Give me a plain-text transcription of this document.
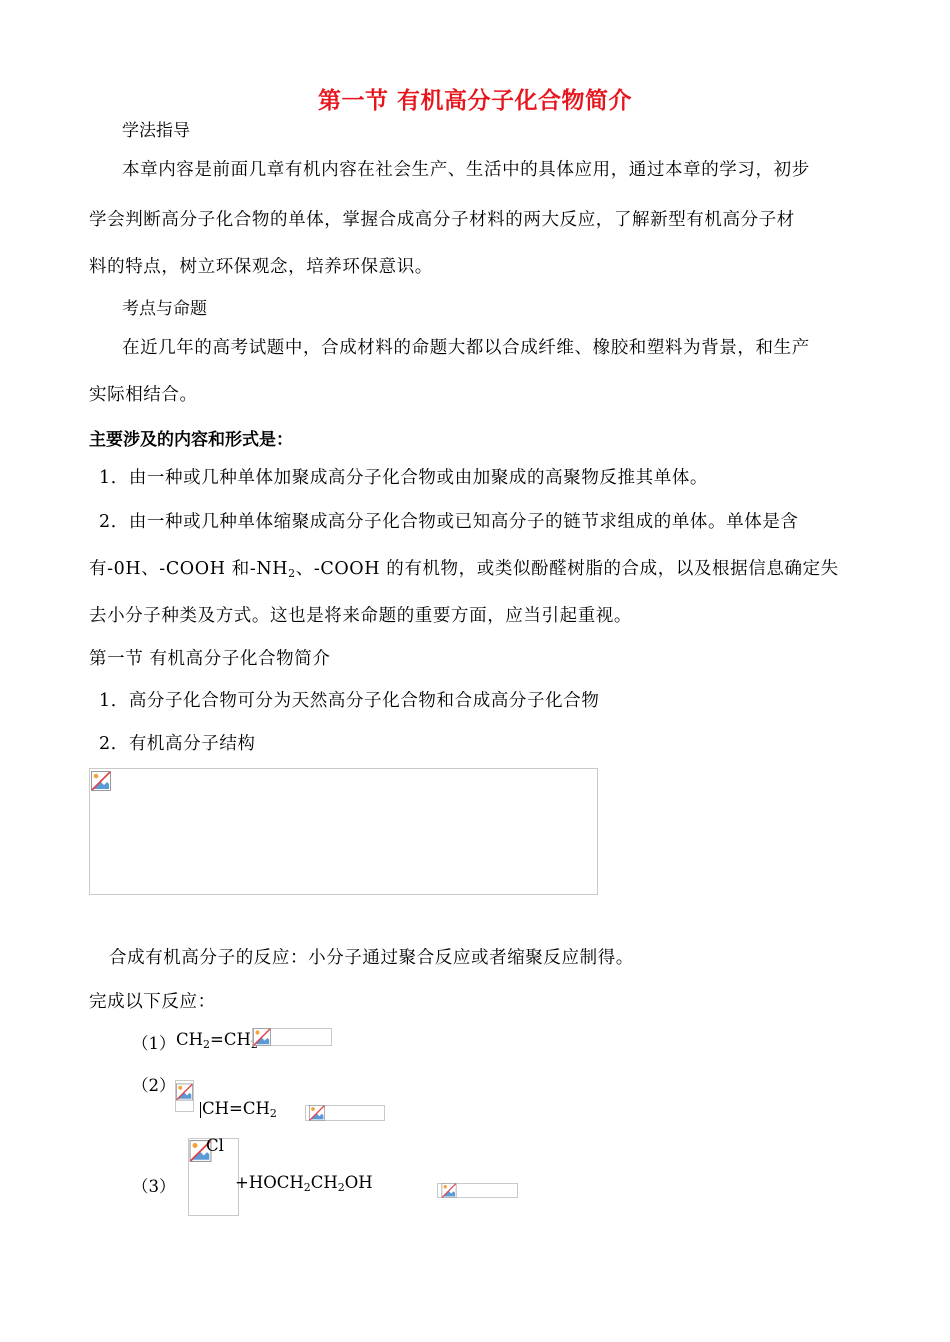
第一节 有机高分子化合物简介
学法指导
本章内容是前面几章有机内容在社会生产、生活中的具体应用，通过本章的学习，初步
学会判断高分子化合物的单体，掌握合成高分子材料的两大反应，了解新型有机高分子材
料的特点，树立环保观念，培养环保意识。
考点与命题
在近几年的高考试题中，合成材料的命题大都以合成纤维、橡胶和塑料为背景，和生产
实际相结合。
主要涉及的内容和形式是：
1．由一种或几种单体加聚成高分子化合物或由加聚成的高聚物反推其单体。
2．由一种或几种单体缩聚成高分子化合物或已知高分子的链节求组成的单体。单体是含
有-0H、-COOH 和$-NH_2$、-COOH 的有机物，或类似酚醛树脂的合成，以及根据信息确定失
去小分子种类及方式。这也是将来命题的重要方面，应当引起重视。
第一节 有机高分子化合物简介
1．高分子化合物可分为天然高分子化合物和合成高分子化合物
2．有机高分子结构
合成有机高分子的反应：小分子通过聚合反应或者缩聚反应制得。
完成以下反应：
（1） $CH_2=CH$
（2）
$CH=CH_2$
Cl
（3）	$+HOCH_2CH_2OH$
